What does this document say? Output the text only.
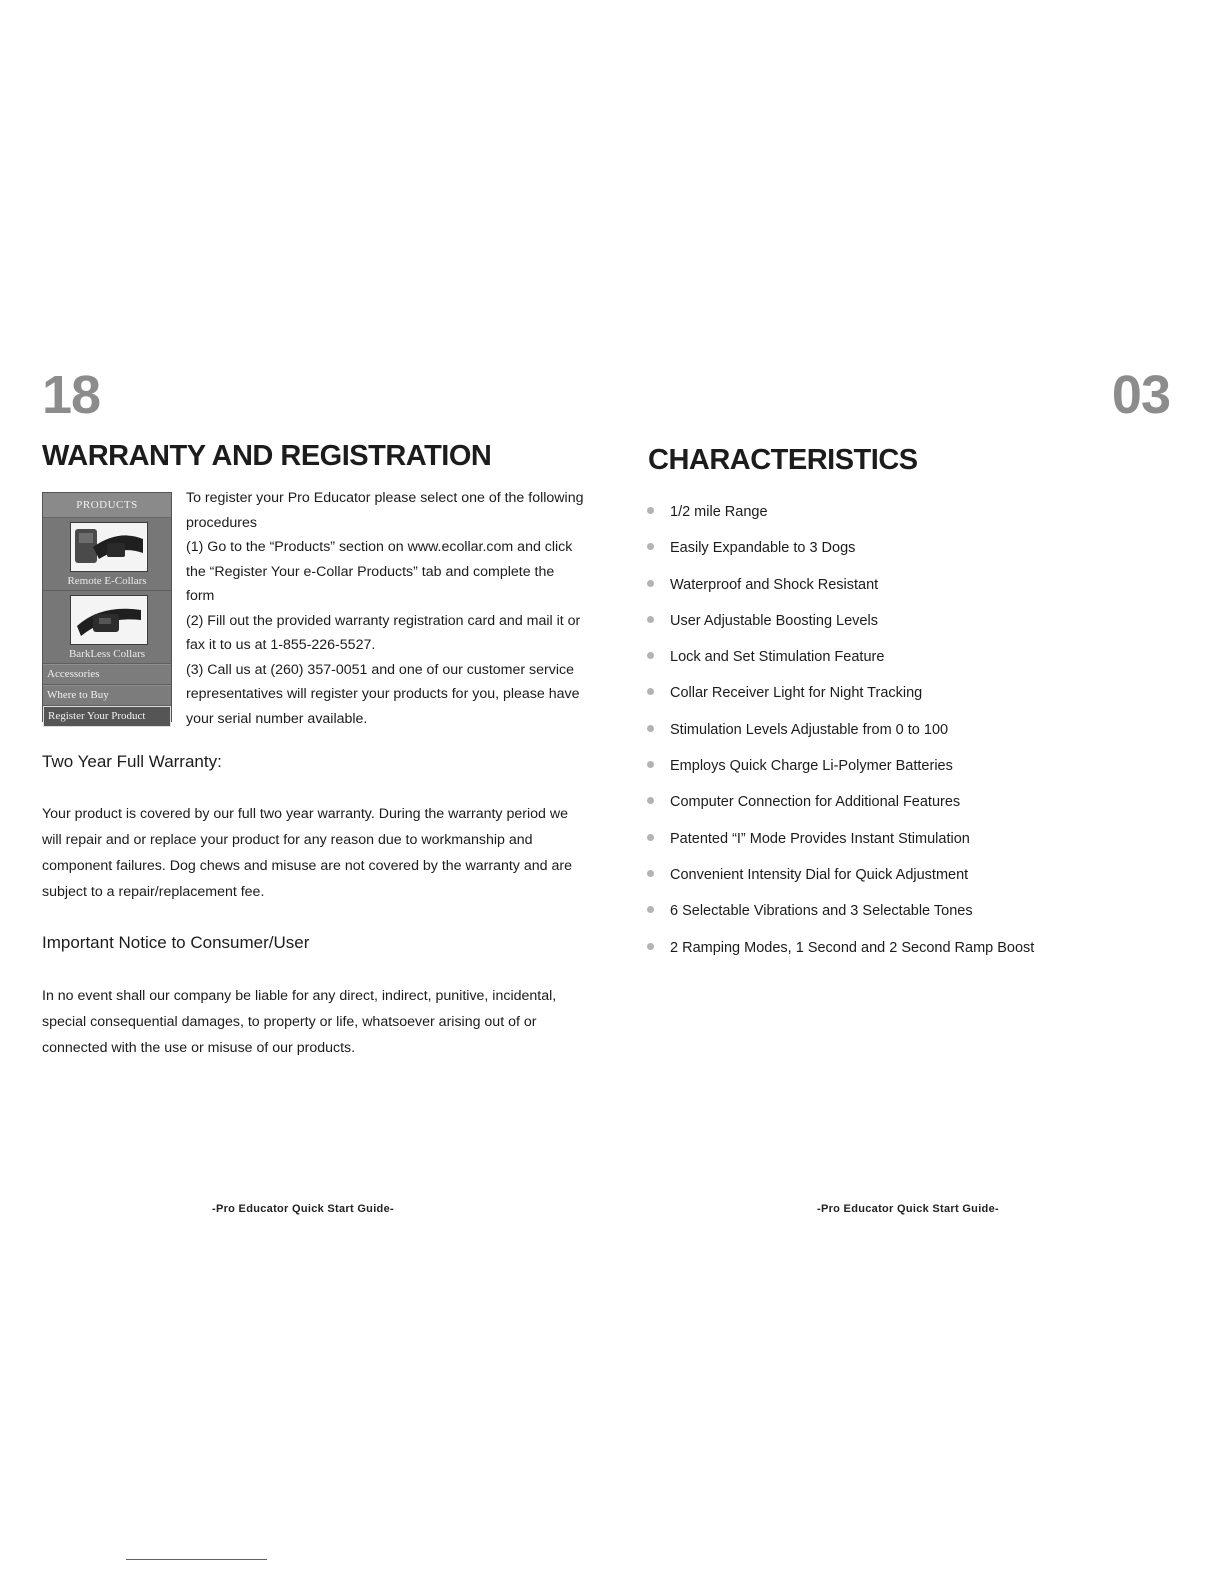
18	03
WARRANTY AND REGISTRATION	CHARACTERISTICS
PRODUCTS
Remote E-Collars
BarkLess Collars
Accessories
Where to Buy
Register Your Product

To register your Pro Educator please select one of the following procedures

(1) Go to the “Products” section on www.ecollar.com and click the “Register Your e-Collar Products” tab and complete the form

(2) Fill out the provided warranty registration card and mail it or fax it to us at 1-855-226-5527.

(3) Call us at (260) 357-0051 and one of our customer service representatives will register your products for you, please have your serial number available.

Two Year Full Warranty:

Your product is covered by our full two year warranty. During the warranty period we will repair and or replace your product for any reason due to workmanship and component failures. Dog chews and misuse are not covered by the warranty and are subject to a repair/replacement fee.

Important Notice to Consumer/User

In no event shall our company be liable for any direct, indirect, punitive, incidental, special consequential damages, to property or life, whatsoever arising out of or connected with the use or misuse of our products.

1/2 mile Range
Easily Expandable to 3 Dogs
Waterproof and Shock Resistant
User Adjustable Boosting Levels
Lock and Set Stimulation Feature
Collar Receiver Light for Night Tracking
Stimulation Levels Adjustable from 0 to 100
Employs Quick Charge Li-Polymer Batteries
Computer Connection for Additional Features
Patented “I” Mode Provides Instant Stimulation
Convenient Intensity Dial for Quick Adjustment
6 Selectable Vibrations and 3 Selectable Tones
2 Ramping Modes, 1 Second and 2 Second Ramp Boost
-Pro Educator Quick Start Guide-	-Pro Educator Quick Start Guide-
